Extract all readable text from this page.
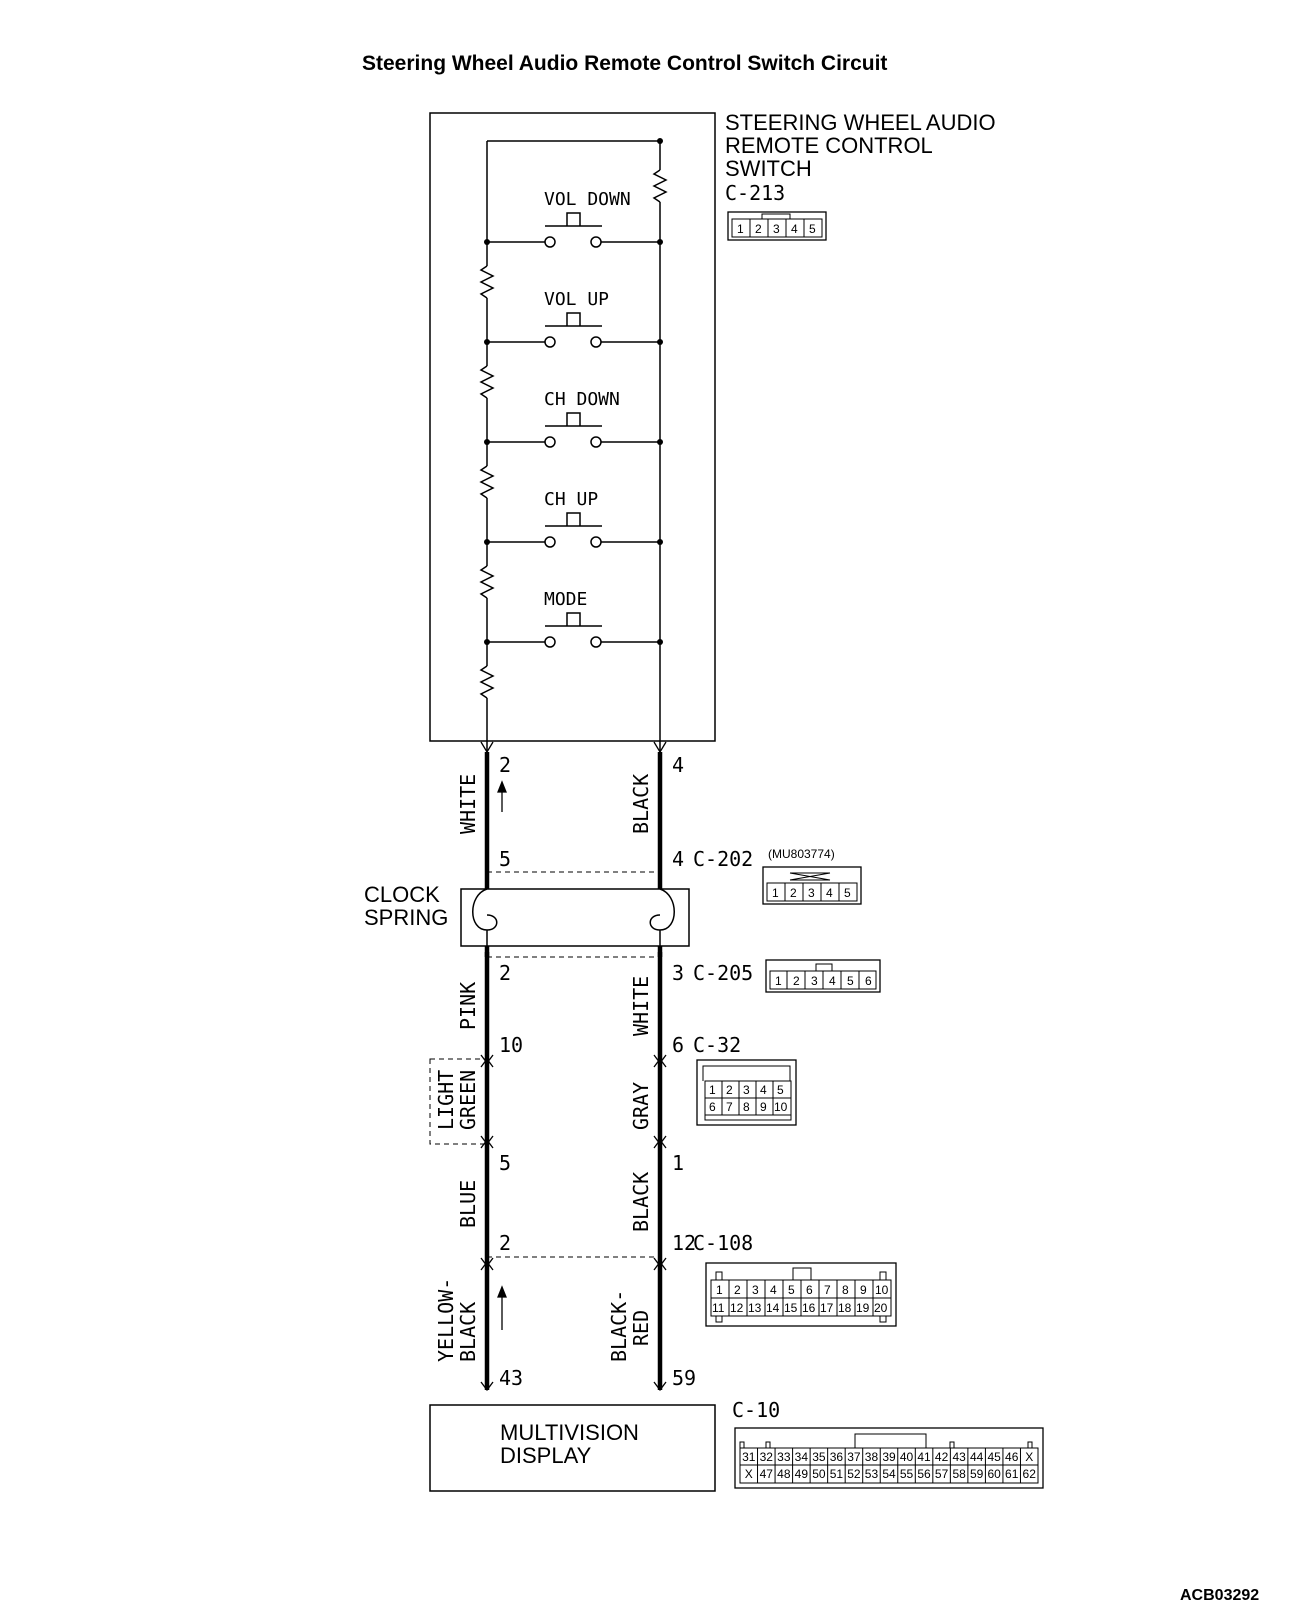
Steering Wheel Audio Remote Control Switch Circuit
STEERING WHEEL AUDIO
REMOTE CONTROL
SWITCH
C-213
1 2 3 4 5
VOL DOWN
VOL UP
CH DOWN
CH UP
MODE
CLOCK
SPRING
MULTIVISION
DISPLAY
2
5
2
10
5
2
43
4
4
3
6
1
12
59
WHITE	BLACK
PINK	WHITE
LIGHT
GREEN	GRAY
BLUE	BLACK
YELLOW-
BLACK	BLACK-
RED
C-202 (MU803774)
C-205
C-32
C-108
C-10
1 2 3 4 5
1 2 3 4 5 6
1 2 3 4 5
6 7 8 9 10
1 2 3 4 5 6 7 8 9 10
11 12 13 14 15 16 17 18 19 20
31 32 33 34 35 36 37 38 39 40 41 42 43 44 45 46 X
X 47 48 49 50 51 52 53 54 55 56 57 58 59 60 61 62
ACB03292
